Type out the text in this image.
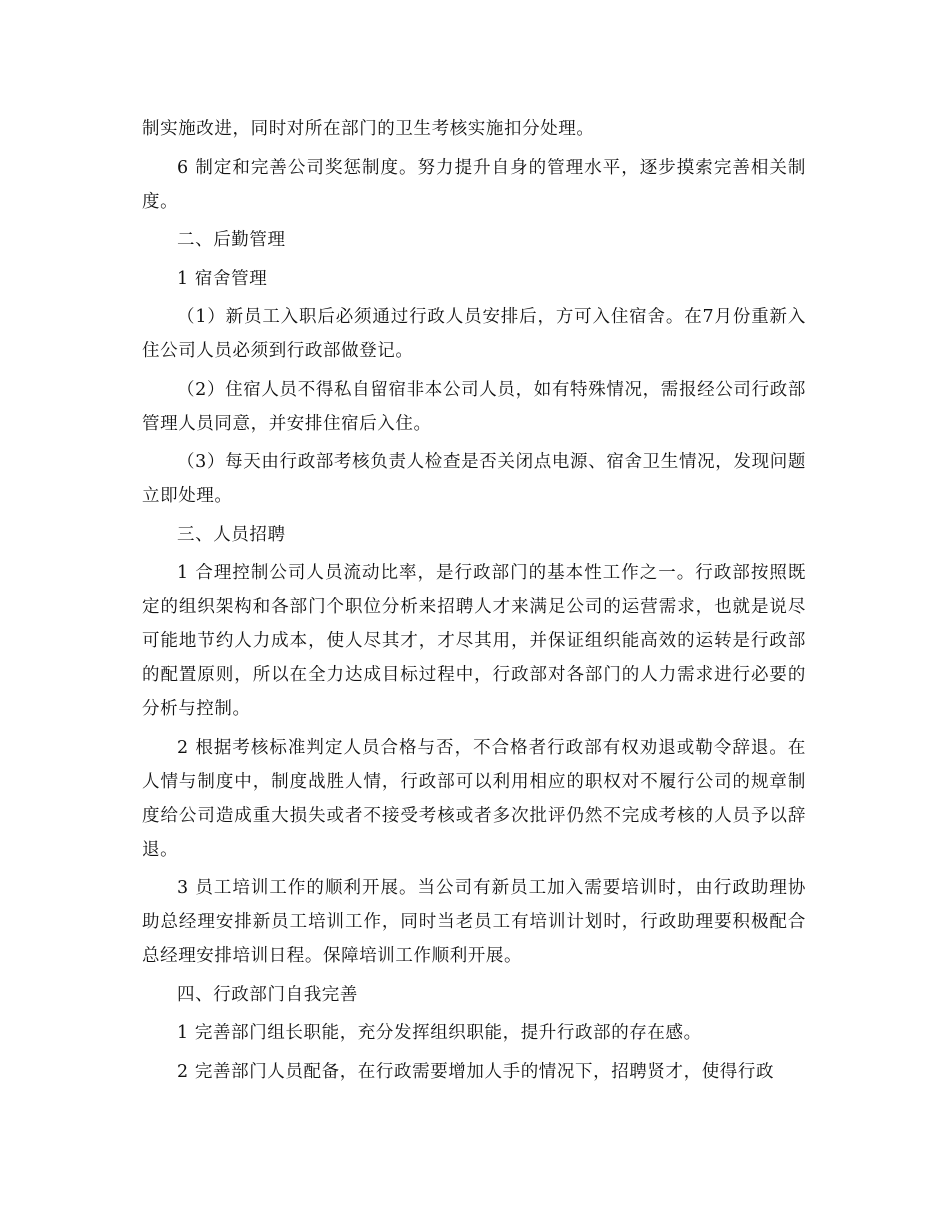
制实施改进，同时对所在部门的卫生考核实施扣分处理。

6 制定和完善公司奖惩制度。努力提升自身的管理水平，逐步摸索完善相关制度。

二、后勤管理

1 宿舍管理

（1）新员工入职后必须通过行政人员安排后，方可入住宿舍。在7月份重新入住公司人员必须到行政部做登记。

（2）住宿人员不得私自留宿非本公司人员，如有特殊情况，需报经公司行政部管理人员同意，并安排住宿后入住。

（3）每天由行政部考核负责人检查是否关闭点电源、宿舍卫生情况，发现问题立即处理。

三、人员招聘

1 合理控制公司人员流动比率，是行政部门的基本性工作之一。行政部按照既定的组织架构和各部门个职位分析来招聘人才来满足公司的运营需求，也就是说尽可能地节约人力成本，使人尽其才，才尽其用，并保证组织能高效的运转是行政部的配置原则，所以在全力达成目标过程中，行政部对各部门的人力需求进行必要的分析与控制。

2 根据考核标准判定人员合格与否，不合格者行政部有权劝退或勒令辞退。在人情与制度中，制度战胜人情，行政部可以利用相应的职权对不履行公司的规章制度给公司造成重大损失或者不接受考核或者多次批评仍然不完成考核的人员予以辞退。

3 员工培训工作的顺利开展。当公司有新员工加入需要培训时，由行政助理协助总经理安排新员工培训工作，同时当老员工有培训计划时，行政助理要积极配合总经理安排培训日程。保障培训工作顺利开展。

四、行政部门自我完善

1 完善部门组长职能，充分发挥组织职能，提升行政部的存在感。

2 完善部门人员配备，在行政需要增加人手的情况下，招聘贤才，使得行政
